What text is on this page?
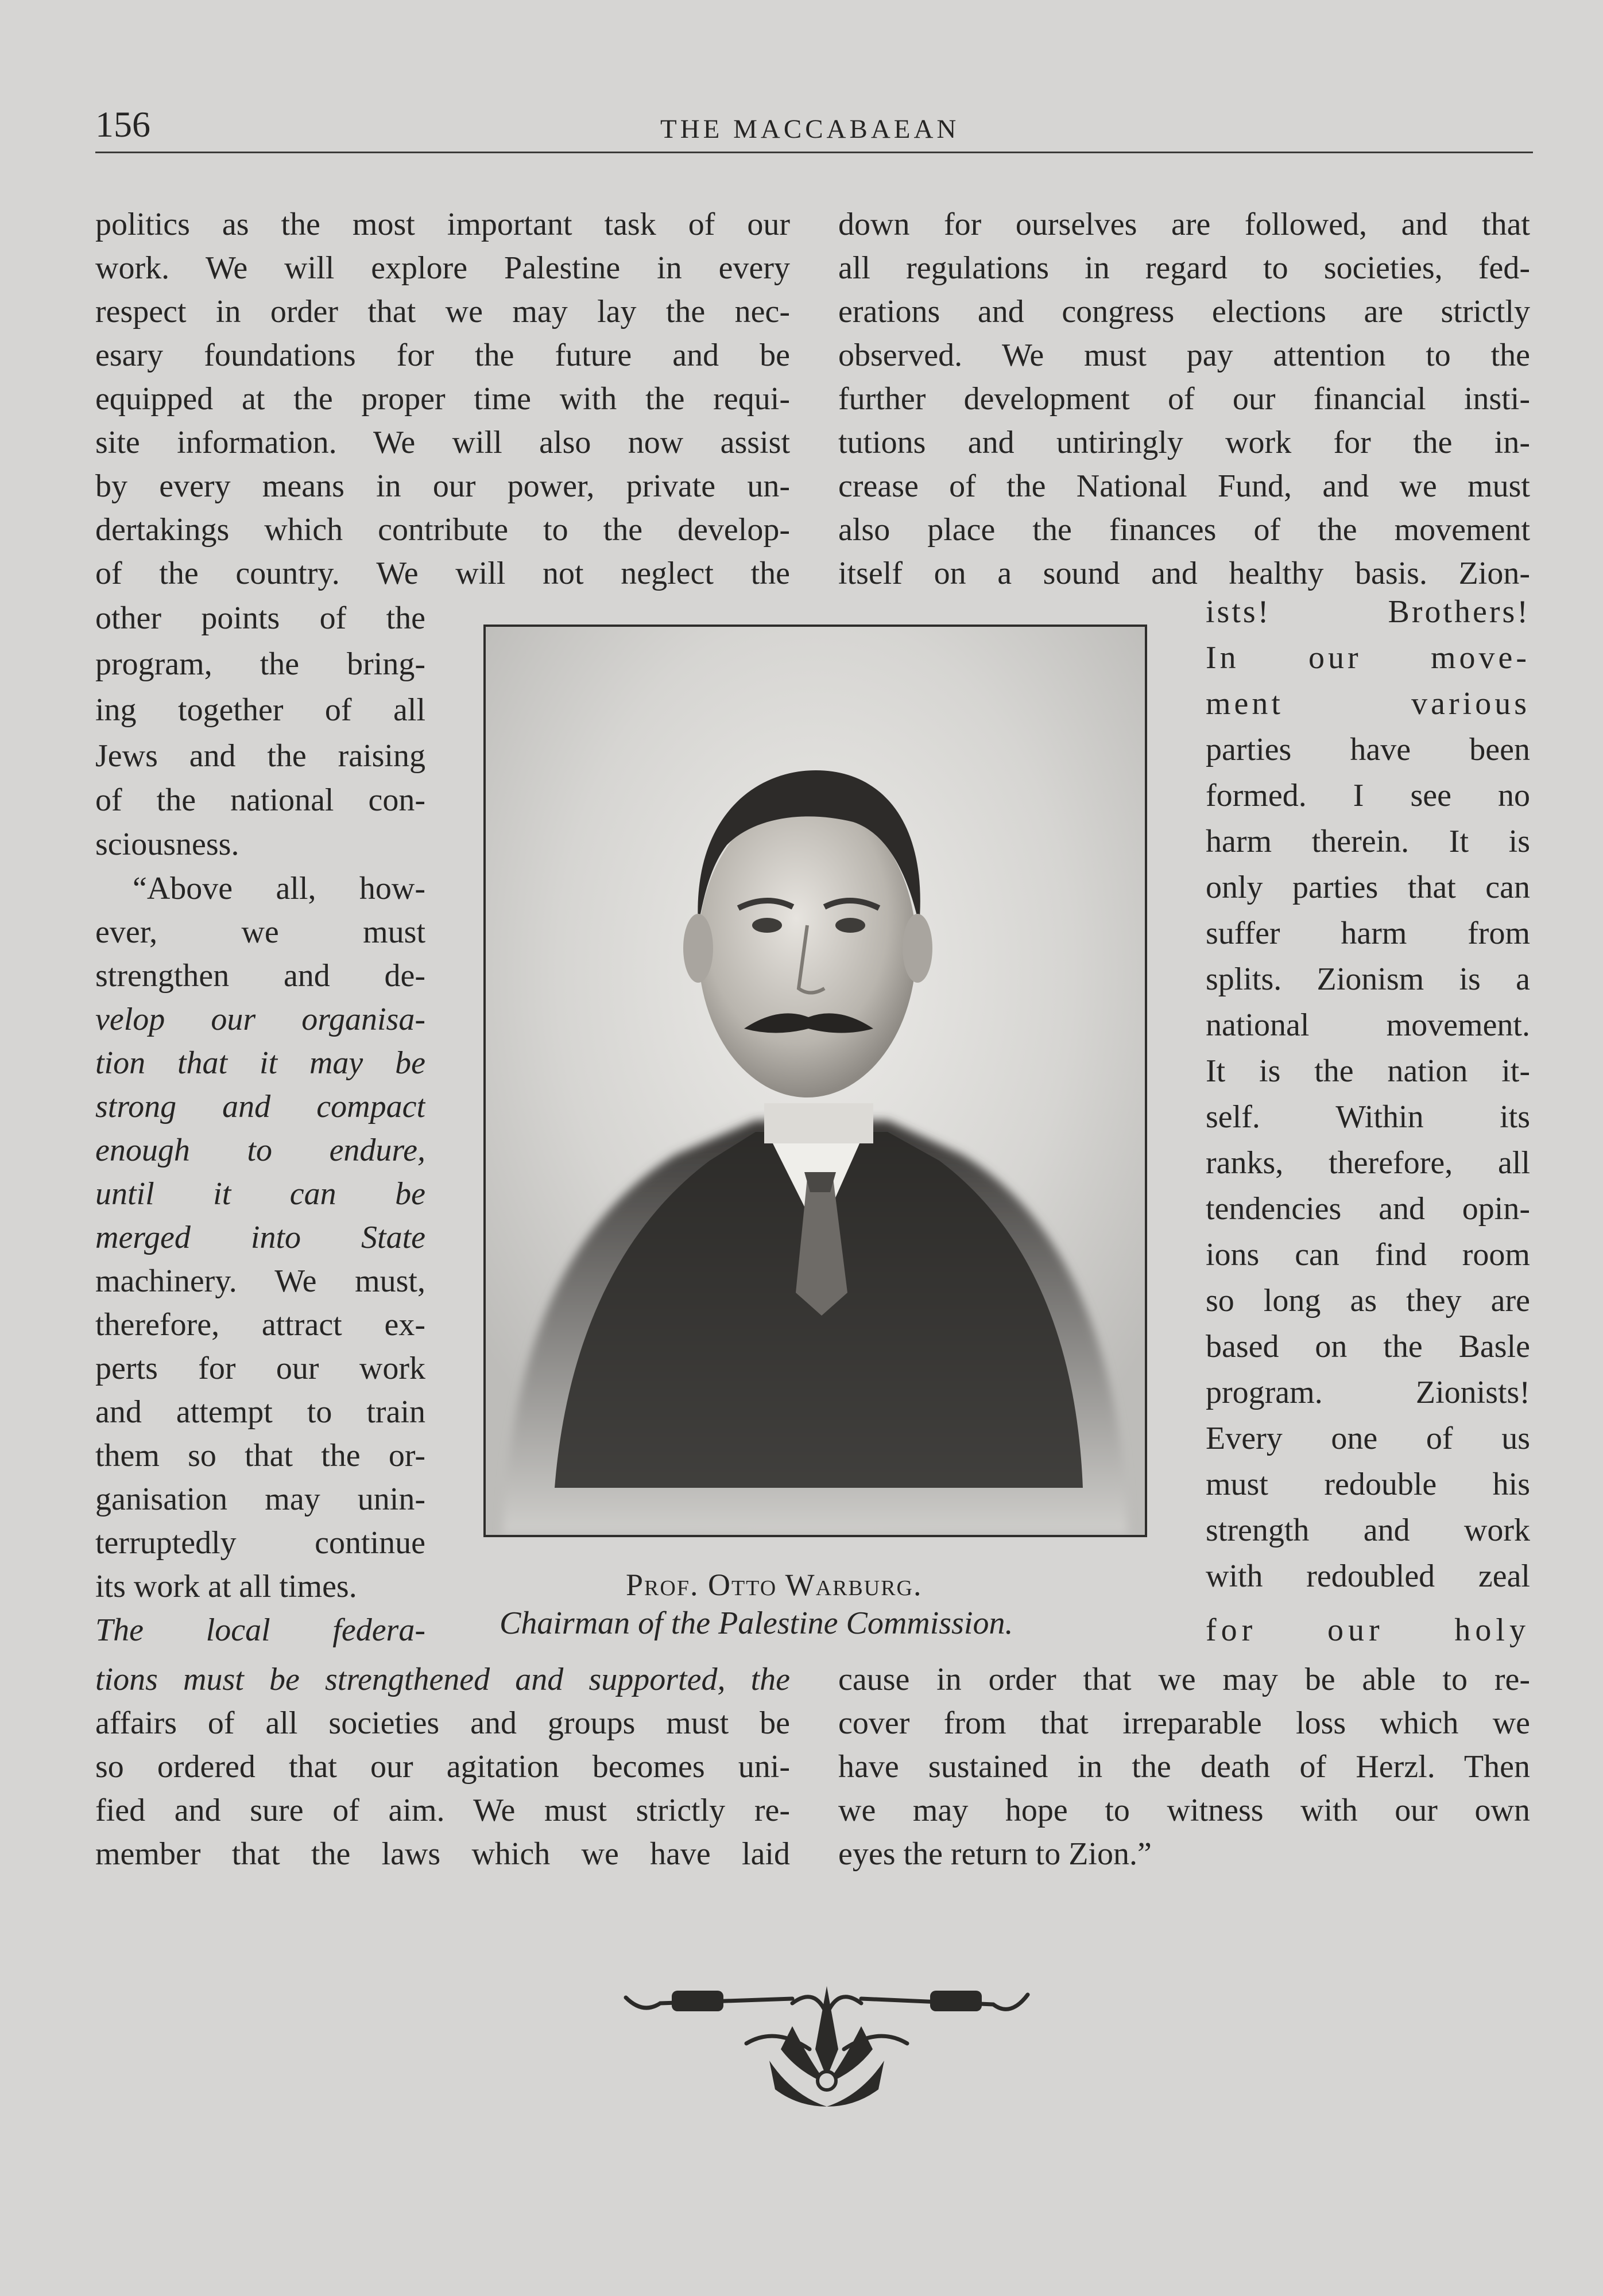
156	THE MACCABAEAN
politics as the most important task of our
work. We will explore Palestine in every
respect in order that we may lay the nec-
esary foundations for the future and be
equipped at the proper time with the requi-
site information. We will also now assist
by every means in our power, private un-
dertakings which contribute to the develop-
of the country. We will not neglect the
down for ourselves are followed, and that
all regulations in regard to societies, fed-
erations and congress elections are strictly
observed. We must pay attention to the
further development of our financial insti-
tutions and untiringly work for the in-
crease of the National Fund, and we must
also place the finances of the movement
itself on a sound and healthy basis. Zion-
other points of the
program, the bring-
ing together of all
Jews and the raising
of the national con-
sciousness.
“Above all, how-
ever, we must
strengthen and de-
velop our organisa-
tion that it may be
strong and compact
enough to endure,
until it can be
merged into State
machinery. We must,
therefore, attract ex-
perts for our work
and attempt to train
them so that the or-
ganisation may unin-
terruptedly continue
its work at all times.
The local federa-
Prof. Otto Warburg.
Chairman of the Palestine Commission.
ists! Brothers!
In our move-
ment various
parties have been
formed. I see no
harm therein. It is
only parties that can
suffer harm from
splits. Zionism is a
national movement.
It is the nation it-
self. Within its
ranks, therefore, all
tendencies and opin-
ions can find room
so long as they are
based on the Basle
program. Zionists!
Every one of us
must redouble his
strength and work
with redoubled zeal
for our holy
tions must be strengthened and supported, the
affairs of all societies and groups must be
so ordered that our agitation becomes uni-
fied and sure of aim. We must strictly re-
member that the laws which we have laid
cause in order that we may be able to re-
cover from that irreparable loss which we
have sustained in the death of Herzl. Then
we may hope to witness with our own
eyes the return to Zion.”
